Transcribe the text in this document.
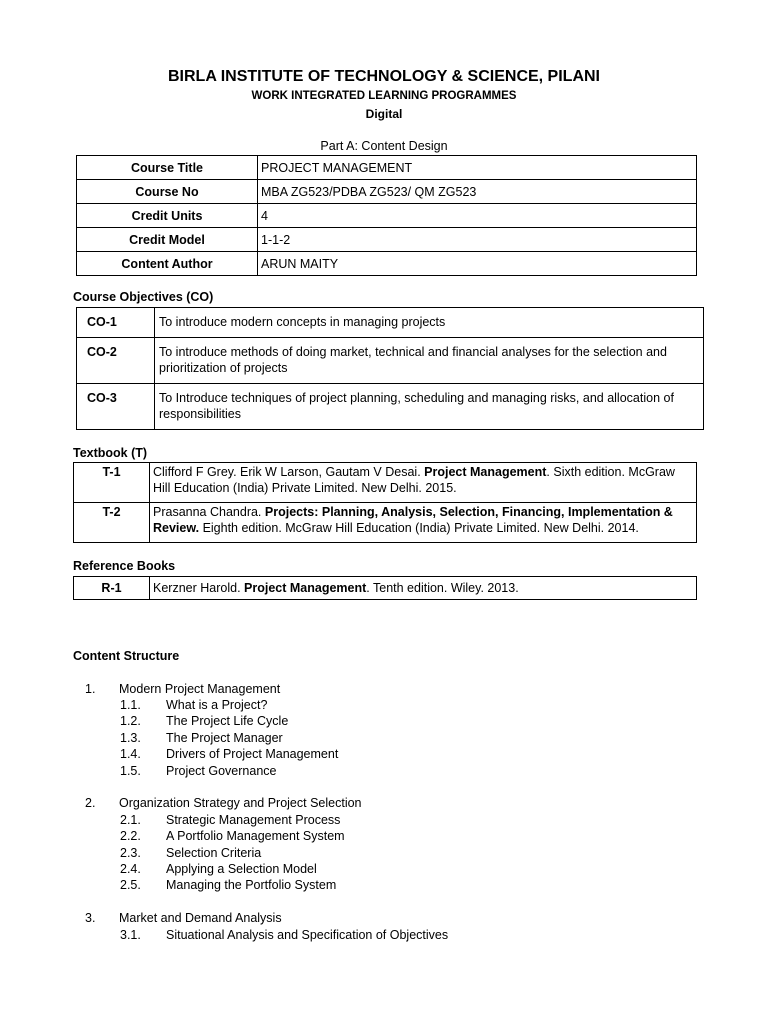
BIRLA INSTITUTE OF TECHNOLOGY & SCIENCE, PILANI
WORK INTEGRATED LEARNING PROGRAMMES
Digital
Part A: Content Design
Course Title	PROJECT MANAGEMENT
Course No	MBA ZG523/PDBA ZG523/ QM ZG523
Credit Units	4
Credit Model	1-1-2
Content Author	ARUN MAITY
Course Objectives (CO)
CO-1	To introduce modern concepts in managing projects
CO-2	To introduce methods of doing market, technical and financial analyses for the selection and prioritization of projects
CO-3	To Introduce techniques of project planning, scheduling and managing risks, and allocation of responsibilities
Textbook (T)
T-1	Clifford F Grey. Erik W Larson, Gautam V Desai. Project Management. Sixth edition. McGraw Hill Education (India) Private Limited. New Delhi. 2015.
T-2	Prasanna Chandra. Projects: Planning, Analysis, Selection, Financing, Implementation & Review. Eighth edition. McGraw Hill Education (India) Private Limited. New Delhi. 2014.
Reference Books
R-1	Kerzner Harold. Project Management. Tenth edition. Wiley. 2013.
Content Structure
1. Modern Project Management
1.1. What is a Project?
1.2. The Project Life Cycle
1.3. The Project Manager
1.4. Drivers of Project Management
1.5. Project Governance
2. Organization Strategy and Project Selection
2.1. Strategic Management Process
2.2. A Portfolio Management System
2.3. Selection Criteria
2.4. Applying a Selection Model
2.5. Managing the Portfolio System
3. Market and Demand Analysis
3.1. Situational Analysis and Specification of Objectives
